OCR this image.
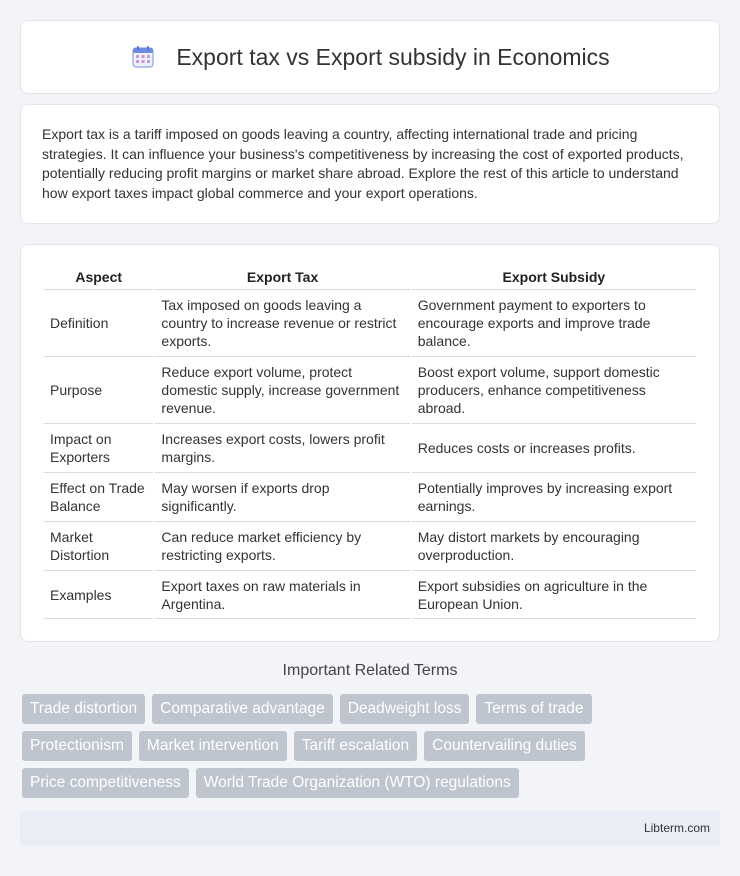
Export tax vs Export subsidy in Economics

Export tax is a tariff imposed on goods leaving a country, affecting international trade and pricing strategies. It can influence your business's competitiveness by increasing the cost of exported products, potentially reducing profit margins or market share abroad. Explore the rest of this article to understand how export taxes impact global commerce and your export operations.

Aspect	Export Tax	Export Subsidy
Definition	Tax imposed on goods leaving a country to increase revenue or restrict exports.	Government payment to exporters to encourage exports and improve trade balance.
Purpose	Reduce export volume, protect domestic supply, increase government revenue.	Boost export volume, support domestic producers, enhance competitiveness abroad.
Impact on Exporters	Increases export costs, lowers profit margins.	Reduces costs or increases profits.
Effect on Trade Balance	May worsen if exports drop significantly.	Potentially improves by increasing export earnings.
Market Distortion	Can reduce market efficiency by restricting exports.	May distort markets by encouraging overproduction.
Examples	Export taxes on raw materials in Argentina.	Export subsidies on agriculture in the European Union.
Important Related Terms
Trade distortion	Comparative advantage	Deadweight loss	Terms of trade
Protectionism	Market intervention	Tariff escalation	Countervailing duties
Price competitiveness	World Trade Organization (WTO) regulations
Libterm.com
